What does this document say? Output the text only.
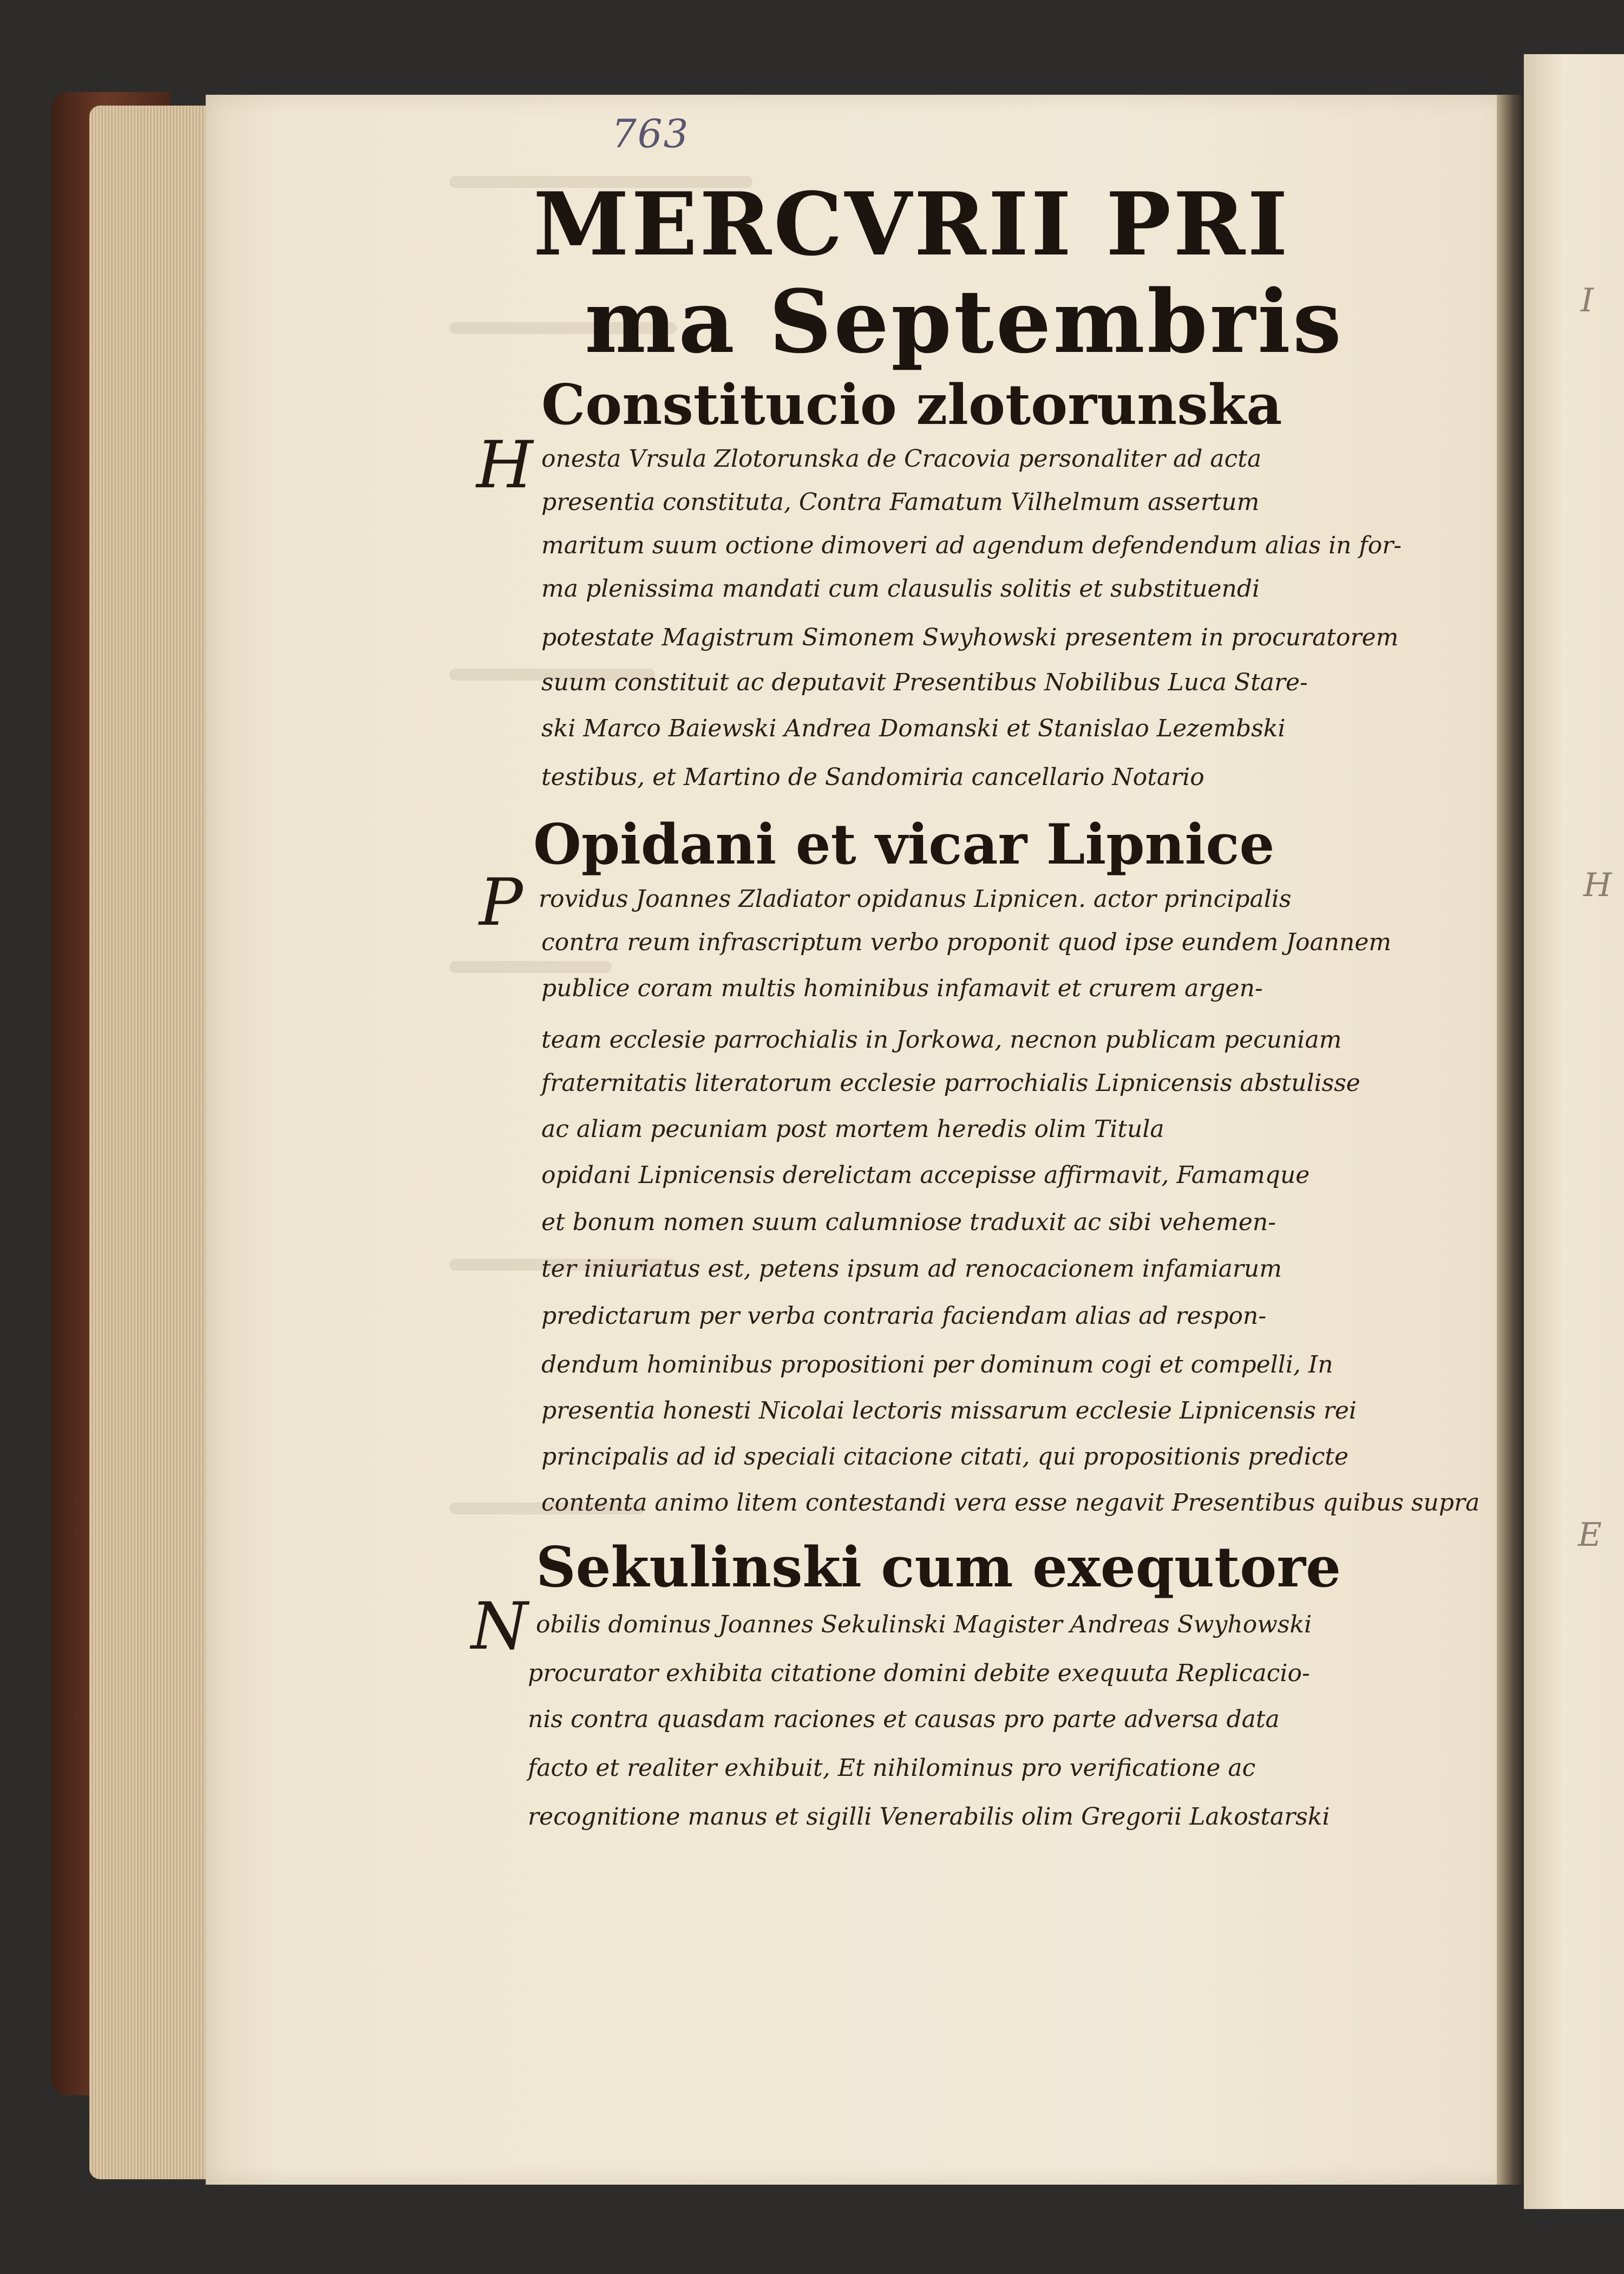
I
H
E
763
MERCVRII PRI
ma Septembris
Constitucio zlotorunska
H onesta Vrsula Zlotorunska de Cracovia personaliter ad acta

presentia constituta, Contra Famatum Vilhelmum assertum

maritum suum octione dimoveri ad agendum defendendum alias in for-

ma plenissima mandati cum clausulis solitis et substituendi

potestate Magistrum Simonem Swyhowski presentem in procuratorem

suum constituit ac deputavit Presentibus Nobilibus Luca Stare-

ski Marco Baiewski Andrea Domanski et Stanislao Lezembski

testibus, et Martino de Sandomiria cancellario Notario

Opidani et vicar Lipnice
P rovidus Joannes Zladiator opidanus Lipnicen. actor principalis

contra reum infrascriptum verbo proponit quod ipse eundem Joannem

publice coram multis hominibus infamavit et crurem argen-

team ecclesie parrochialis in Jorkowa, necnon publicam pecuniam

fraternitatis literatorum ecclesie parrochialis Lipnicensis abstulisse

ac aliam pecuniam post mortem heredis olim Titula

opidani Lipnicensis derelictam accepisse affirmavit, Famamque

et bonum nomen suum calumniose traduxit ac sibi vehemen-

ter iniuriatus est, petens ipsum ad renocacionem infamiarum

predictarum per verba contraria faciendam alias ad respon-

dendum hominibus propositioni per dominum cogi et compelli, In

presentia honesti Nicolai lectoris missarum ecclesie Lipnicensis rei

principalis ad id speciali citacione citati, qui propositionis predicte

contenta animo litem contestandi vera esse negavit Presentibus quibus supra

Sekulinski cum exequtore
N obilis dominus Joannes Sekulinski Magister Andreas Swyhowski

procurator exhibita citatione domini debite exequuta Replicacio-

nis contra quasdam raciones et causas pro parte adversa data

facto et realiter exhibuit, Et nihilominus pro verificatione ac

recognitione manus et sigilli Venerabilis olim Gregorii Lakostarski
